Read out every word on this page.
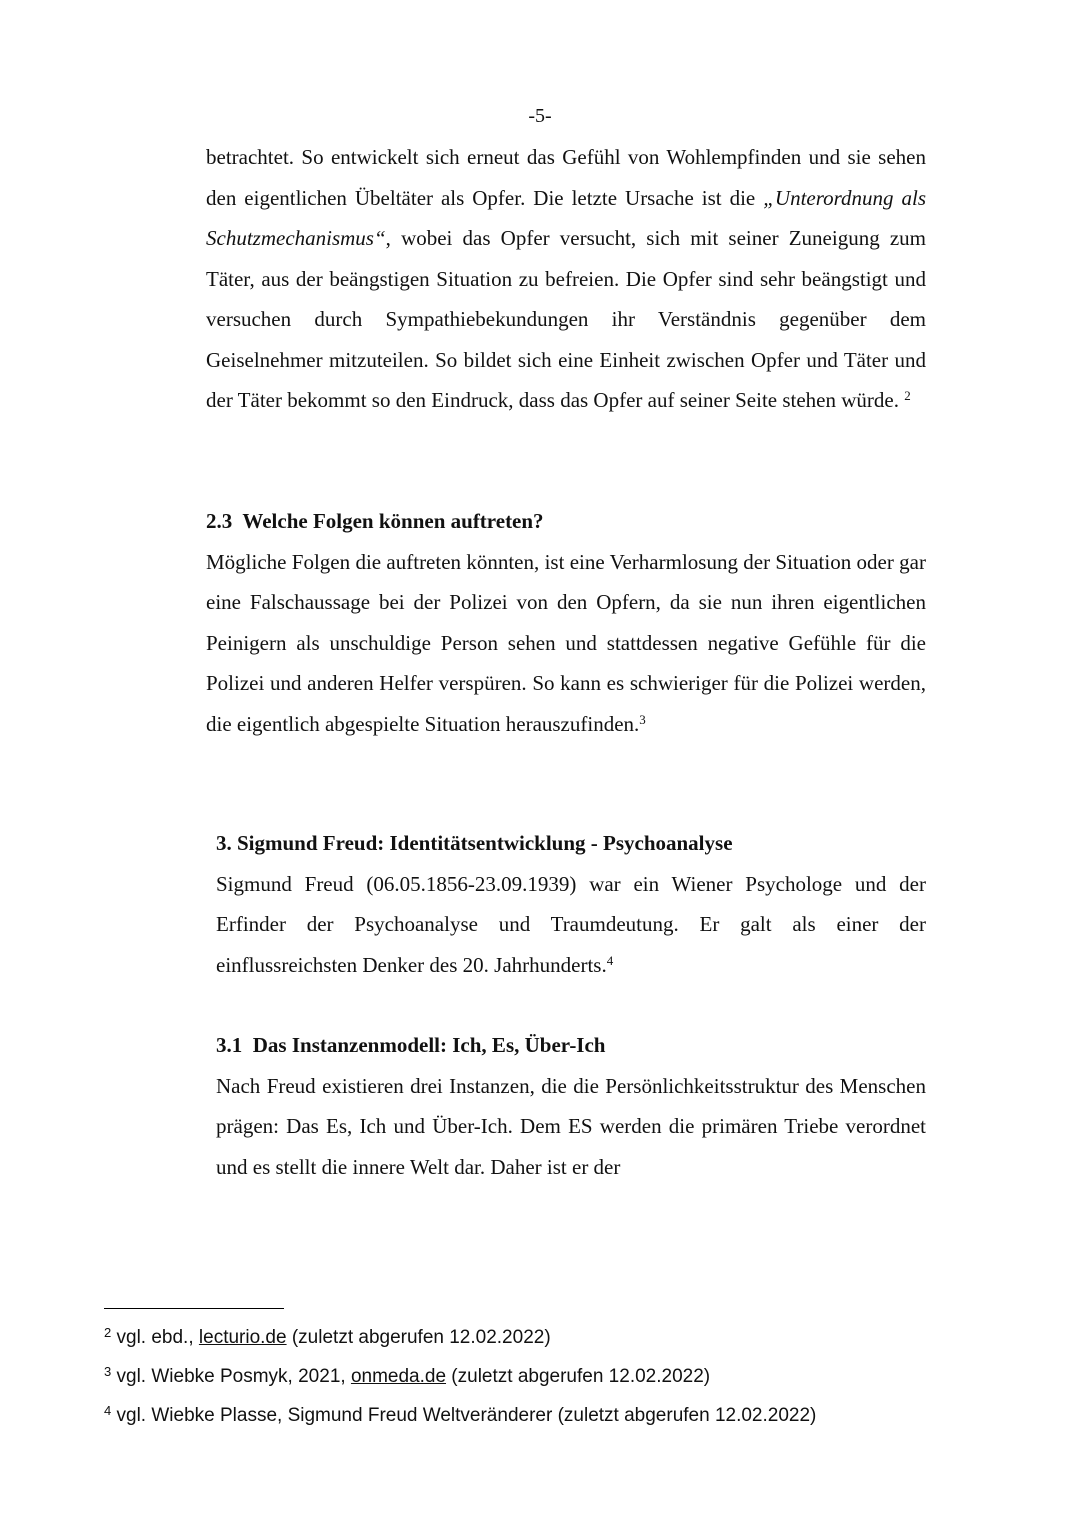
-5-

betrachtet. So entwickelt sich erneut das Gefühl von Wohlempfinden und sie sehen den eigentlichen Übeltäter als Opfer. Die letzte Ursache ist die „Unterordnung als Schutzmechanismus“, wobei das Opfer versucht, sich mit seiner Zuneigung zum Täter, aus der beängstigen Situation zu befreien. Die Opfer sind sehr beängstigt und versuchen durch Sympathiebekundungen ihr Verständnis gegenüber dem Geiselnehmer mitzuteilen. So bildet sich eine Einheit zwischen Opfer und Täter und der Täter bekommt so den Eindruck, dass das Opfer auf seiner Seite stehen würde. $^2$

2.3  Welche Folgen können auftreten?

Mögliche Folgen die auftreten könnten, ist eine Verharmlosung der Situation oder gar eine Falschaussage bei der Polizei von den Opfern, da sie nun ihren eigentlichen Peinigern als unschuldige Person sehen und stattdessen negative Gefühle für die Polizei und anderen Helfer verspüren. So kann es schwieriger für die Polizei werden, die eigentlich abgespielte Situation herauszufinden.$^3$

3. Sigmund Freud: Identitätsentwicklung - Psychoanalyse

Sigmund Freud (06.05.1856-23.09.1939) war ein Wiener Psychologe und der Erfinder der Psychoanalyse und Traumdeutung. Er galt als einer der einflussreichsten Denker des 20. Jahrhunderts.$^4$

3.1  Das Instanzenmodell: Ich, Es, Über-Ich

Nach Freud existieren drei Instanzen, die die Persönlichkeitsstruktur des Menschen prägen: Das Es, Ich und Über-Ich. Dem ES werden die primären Triebe verordnet und es stellt die innere Welt dar. Daher ist er der

$^2$ vgl. ebd., lecturio.de (zuletzt abgerufen 12.02.2022)

$^3$ vgl. Wiebke Posmyk, 2021, onmeda.de (zuletzt abgerufen 12.02.2022)

$^4$ vgl. Wiebke Plasse, Sigmund Freud Weltveränderer (zuletzt abgerufen 12.02.2022)
